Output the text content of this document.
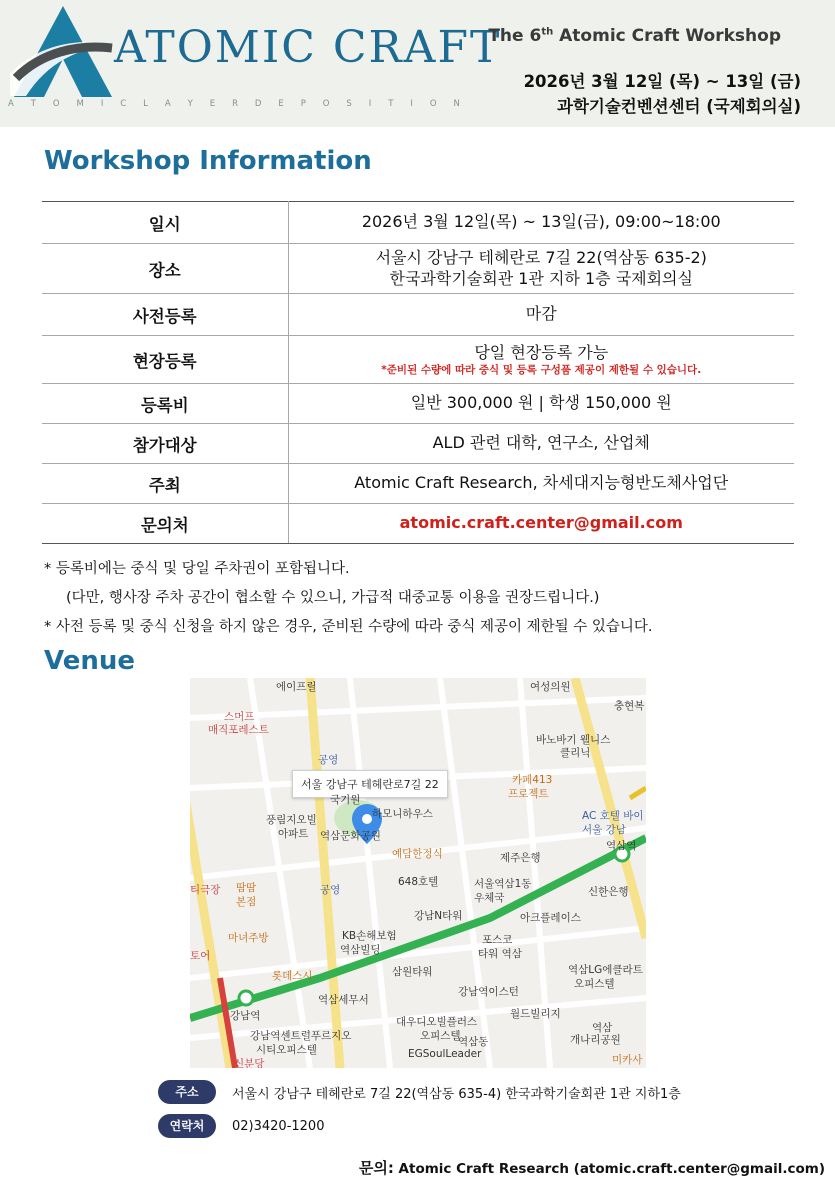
ATOMIC CRAFT
A T O M I C L A Y E R D E P O S I T I O N
The 6th Atomic Craft Workshop
2026년 3월 12일 (목) ~ 13일 (금)
과학기술컨벤션센터 (국제회의실)
Workshop Information
일시	2026년 3월 12일(목) ~ 13일(금), 09:00~18:00
장소	서울시 강남구 테헤란로 7길 22(역삼동 635-2)
한국과학기술회관 1관 지하 1층 국제회의실
사전등록	마감
현장등록	당일 현장등록 가능
*준비된 수량에 따라 중식 및 등록 구성품 제공이 제한될 수 있습니다.

등록비	일반 300,000 원 | 학생 150,000 원
참가대상	ALD 관련 대학, 연구소, 산업체
주최	Atomic Craft Research, 차세대지능형반도체사업단
문의처	atomic.craft.center@gmail.com
* 등록비에는 중식 및 당일 주차권이 포함됩니다.
(다만, 행사장 주차 공간이 협소할 수 있으니, 가급적 대중교통 이용을 권장드립니다.)
* 사전 등록 및 중식 신청을 하지 않은 경우, 준비된 수량에 따라 중식 제공이 제한될 수 있습니다.
Venue
서울 강남구 테헤란로7길 22
에이프릴	여성의원
충현복
스머프
매직포레스트
바노바기 웰니스
클리닉
공영
카페413
프로젝트
국기원
하모니하우스	AC 호텔 바이
서울 강남
풍림지오빌
아파트 역삼문화공원
예담한정식	제주은행
역삼역
티극장 땀땀
본점
공영
648호텔	서울역삼1동
우체국	신한은행
강남N타워	아크플레이스
마녀주방	KB손해보험
역삼빌딩
포스코
타워 역삼
삼원타워	역삼LG에클라트
오피스텔
롯데스시
강남역이스턴
강남역
역삼세무서
월드빌리지
역삼
개나리공원
대우디오빌플러스
오피스텔
강남역센트럴푸르지오
시티오피스텔
역삼동
EGSoulLeader	미카사
신분당
토어
주소	서울시 강남구 테헤란로 7길 22(역삼동 635-4) 한국과학기술회관 1관 지하1층
연락처	02)3420-1200
문의: Atomic Craft Research (atomic.craft.center@gmail.com)
